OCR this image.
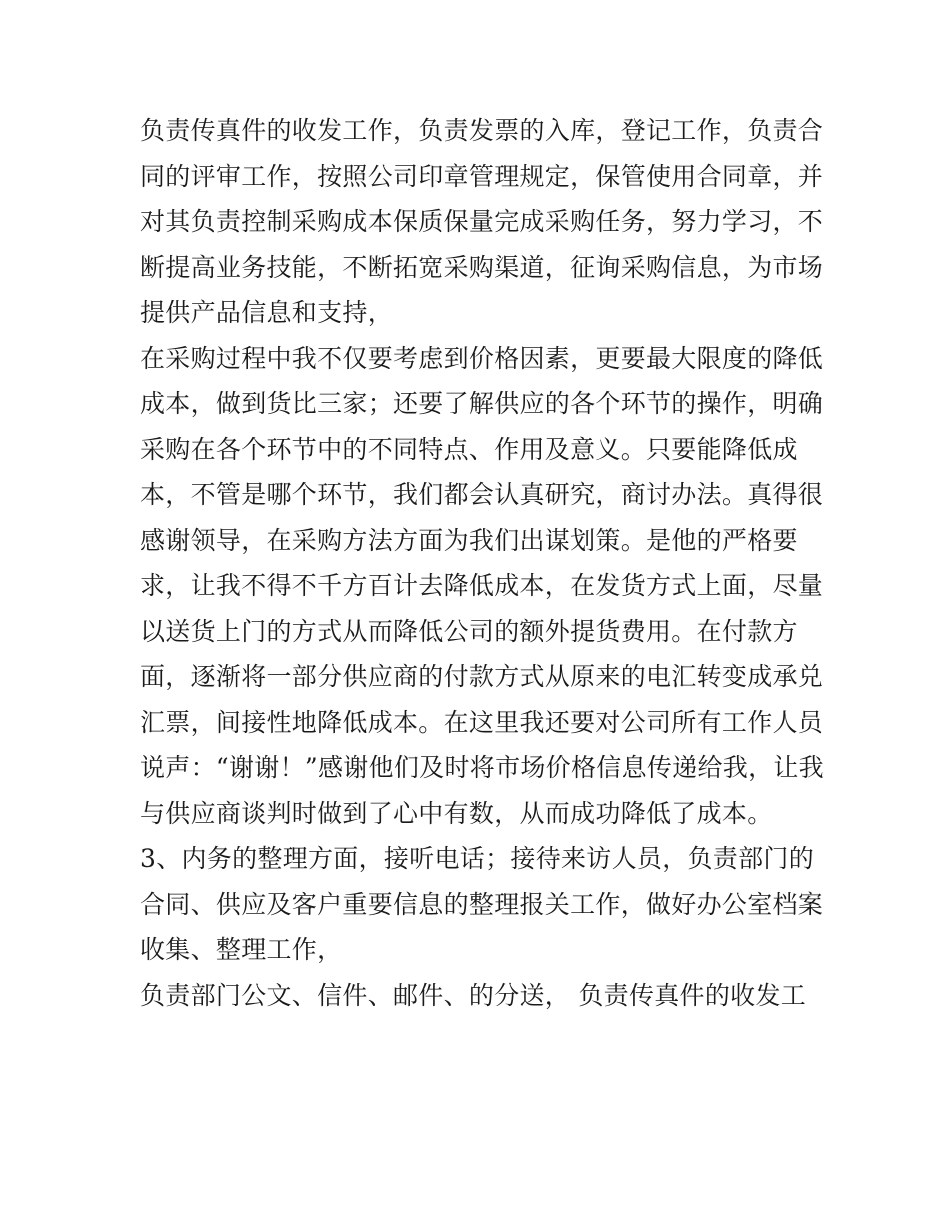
负责传真件的收发工作，负责发票的入库，登记工作，负责合
同的评审工作，按照公司印章管理规定，保管使用合同章，并
对其负责控制采购成本保质保量完成采购任务，努力学习，不
断提高业务技能，不断拓宽采购渠道，征询采购信息，为市场
提供产品信息和支持，
在采购过程中我不仅要考虑到价格因素，更要最大限度的降低
成本，做到货比三家；还要了解供应的各个环节的操作，明确
采购在各个环节中的不同特点、作用及意义。只要能降低成
本，不管是哪个环节，我们都会认真研究，商讨办法。真得很
感谢领导，在采购方法方面为我们出谋划策。是他的严格要
求，让我不得不千方百计去降低成本，在发货方式上面，尽量
以送货上门的方式从而降低公司的额外提货费用。在付款方
面，逐渐将一部分供应商的付款方式从原来的电汇转变成承兑
汇票，间接性地降低成本。在这里我还要对公司所有工作人员
说声：“谢谢！”感谢他们及时将市场价格信息传递给我，让我
与供应商谈判时做到了心中有数，从而成功降低了成本。
3、内务的整理方面，接听电话；接待来访人员，负责部门的
合同、供应及客户重要信息的整理报关工作，做好办公室档案
收集、整理工作，
负责部门公文、信件、邮件、的分送， 负责传真件的收发工
